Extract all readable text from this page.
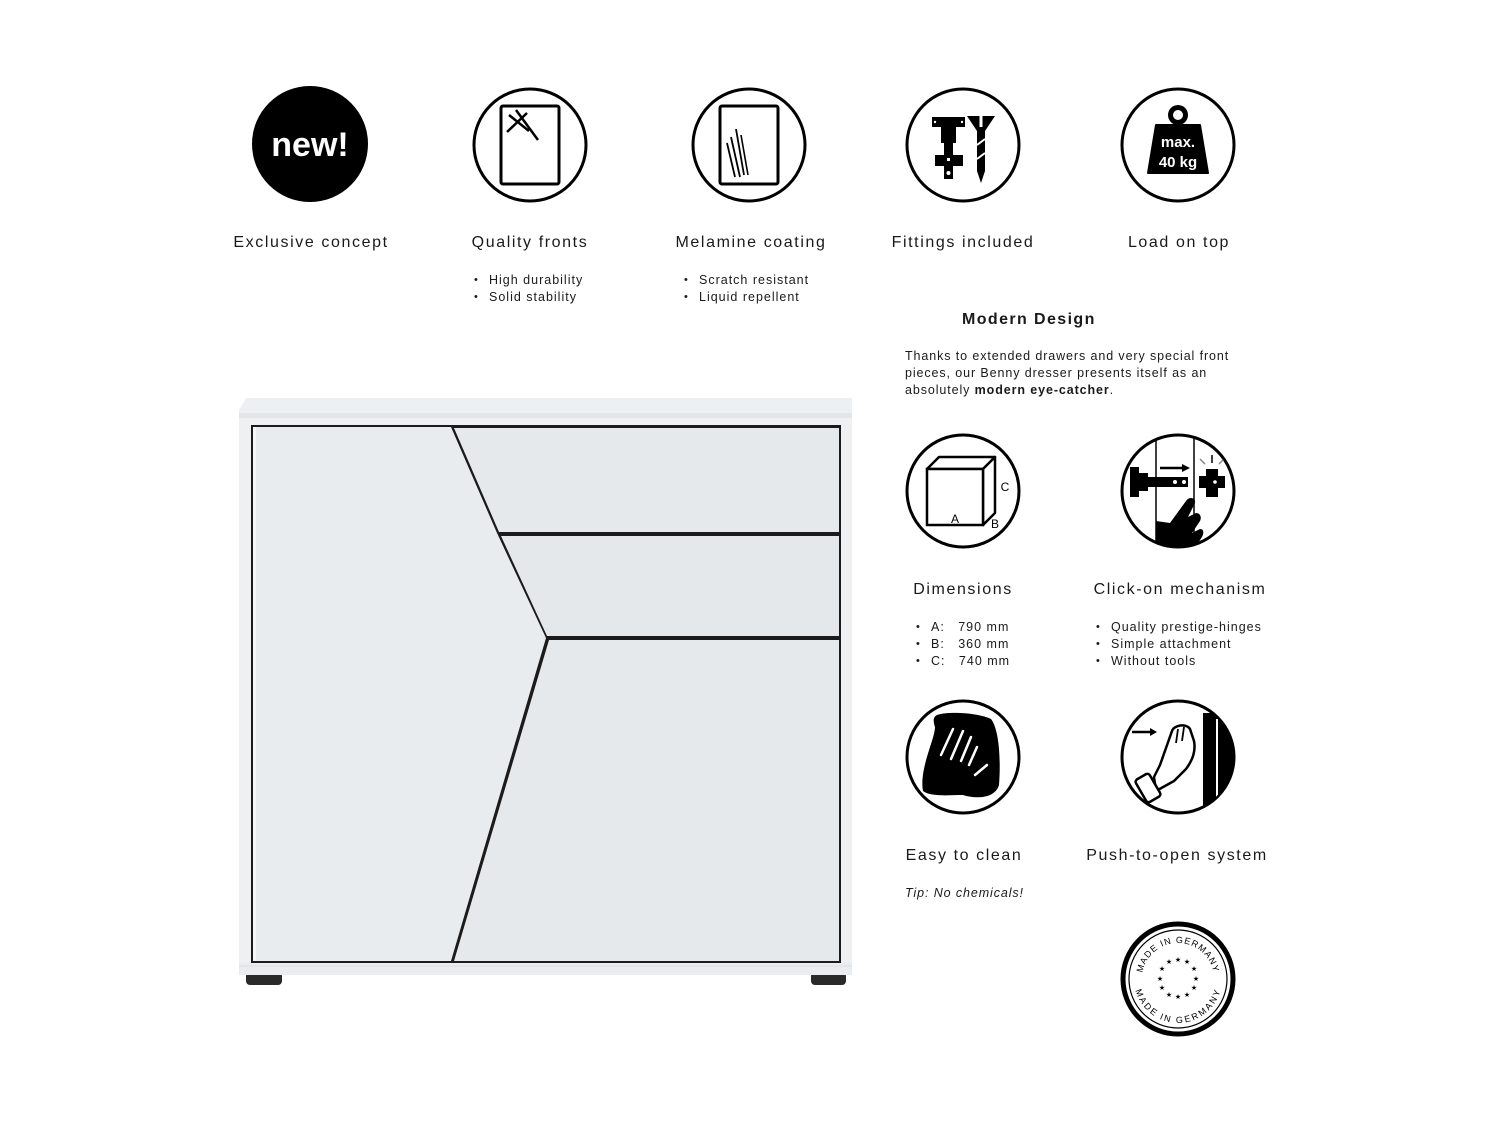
new!
Exclusive concept	Quality fronts
• High durability
• Solid stability
Melamine coating
• Scratch resistant
• Liquid repellent
Fittings included
max.
40 kg
Load on top
Modern Design
Thanks to extended drawers and very special front pieces, our Benny dresser presents itself as an absolutely modern eye-catcher.
A	B
C
Dimensions
• A:   790 mm
• B:   360 mm
• C:   740 mm
Click-on mechanism
• Quality prestige-hinges
• Simple attachment
• Without tools
Easy to clean
Tip: No chemicals!
Push-to-open system
MADE IN GERMANY
MADE IN GERMANY
★ ★
★
★
★
★
★
★
★
★
★
★
